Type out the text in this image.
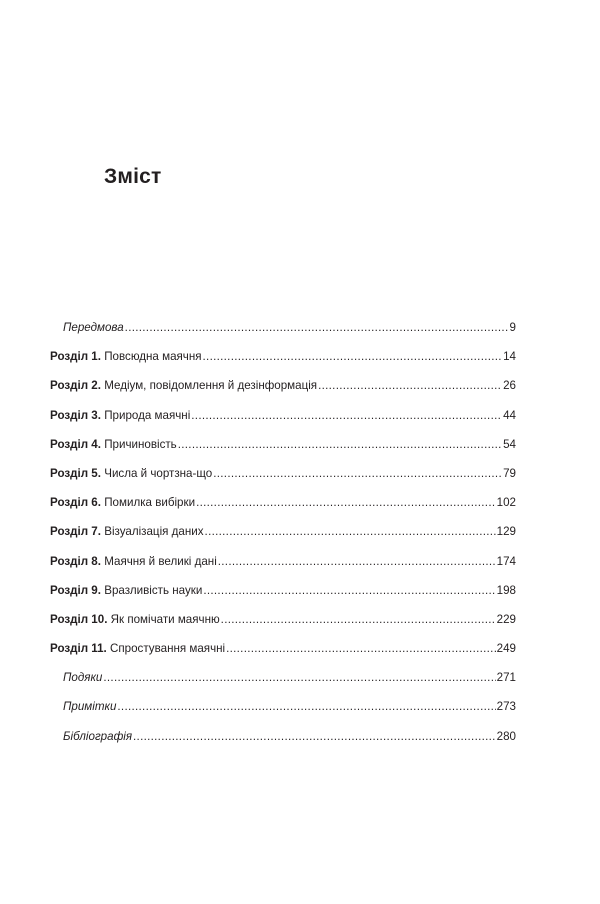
Зміст
Передмова .....	9
Розділ 1. Повсюдна маячня .....	14
Розділ 2. Медіум, повідомлення й дезінформація .....	26
Розділ 3. Природа маячні .....	44
Розділ 4. Причиновість .....	54
Розділ 5. Числа й чортзна-що .....	79
Розділ 6. Помилка вибірки .....	102
Розділ 7. Візуалізація даних .....	129
Розділ 8. Маячня й великі дані .....	174
Розділ 9. Вразливість науки .....	198
Розділ 10. Як помічати маячню .....	229
Розділ 11. Спростування маячні .....	249
Подяки .....	271
Примітки .....	273
Бібліографія .....	280
